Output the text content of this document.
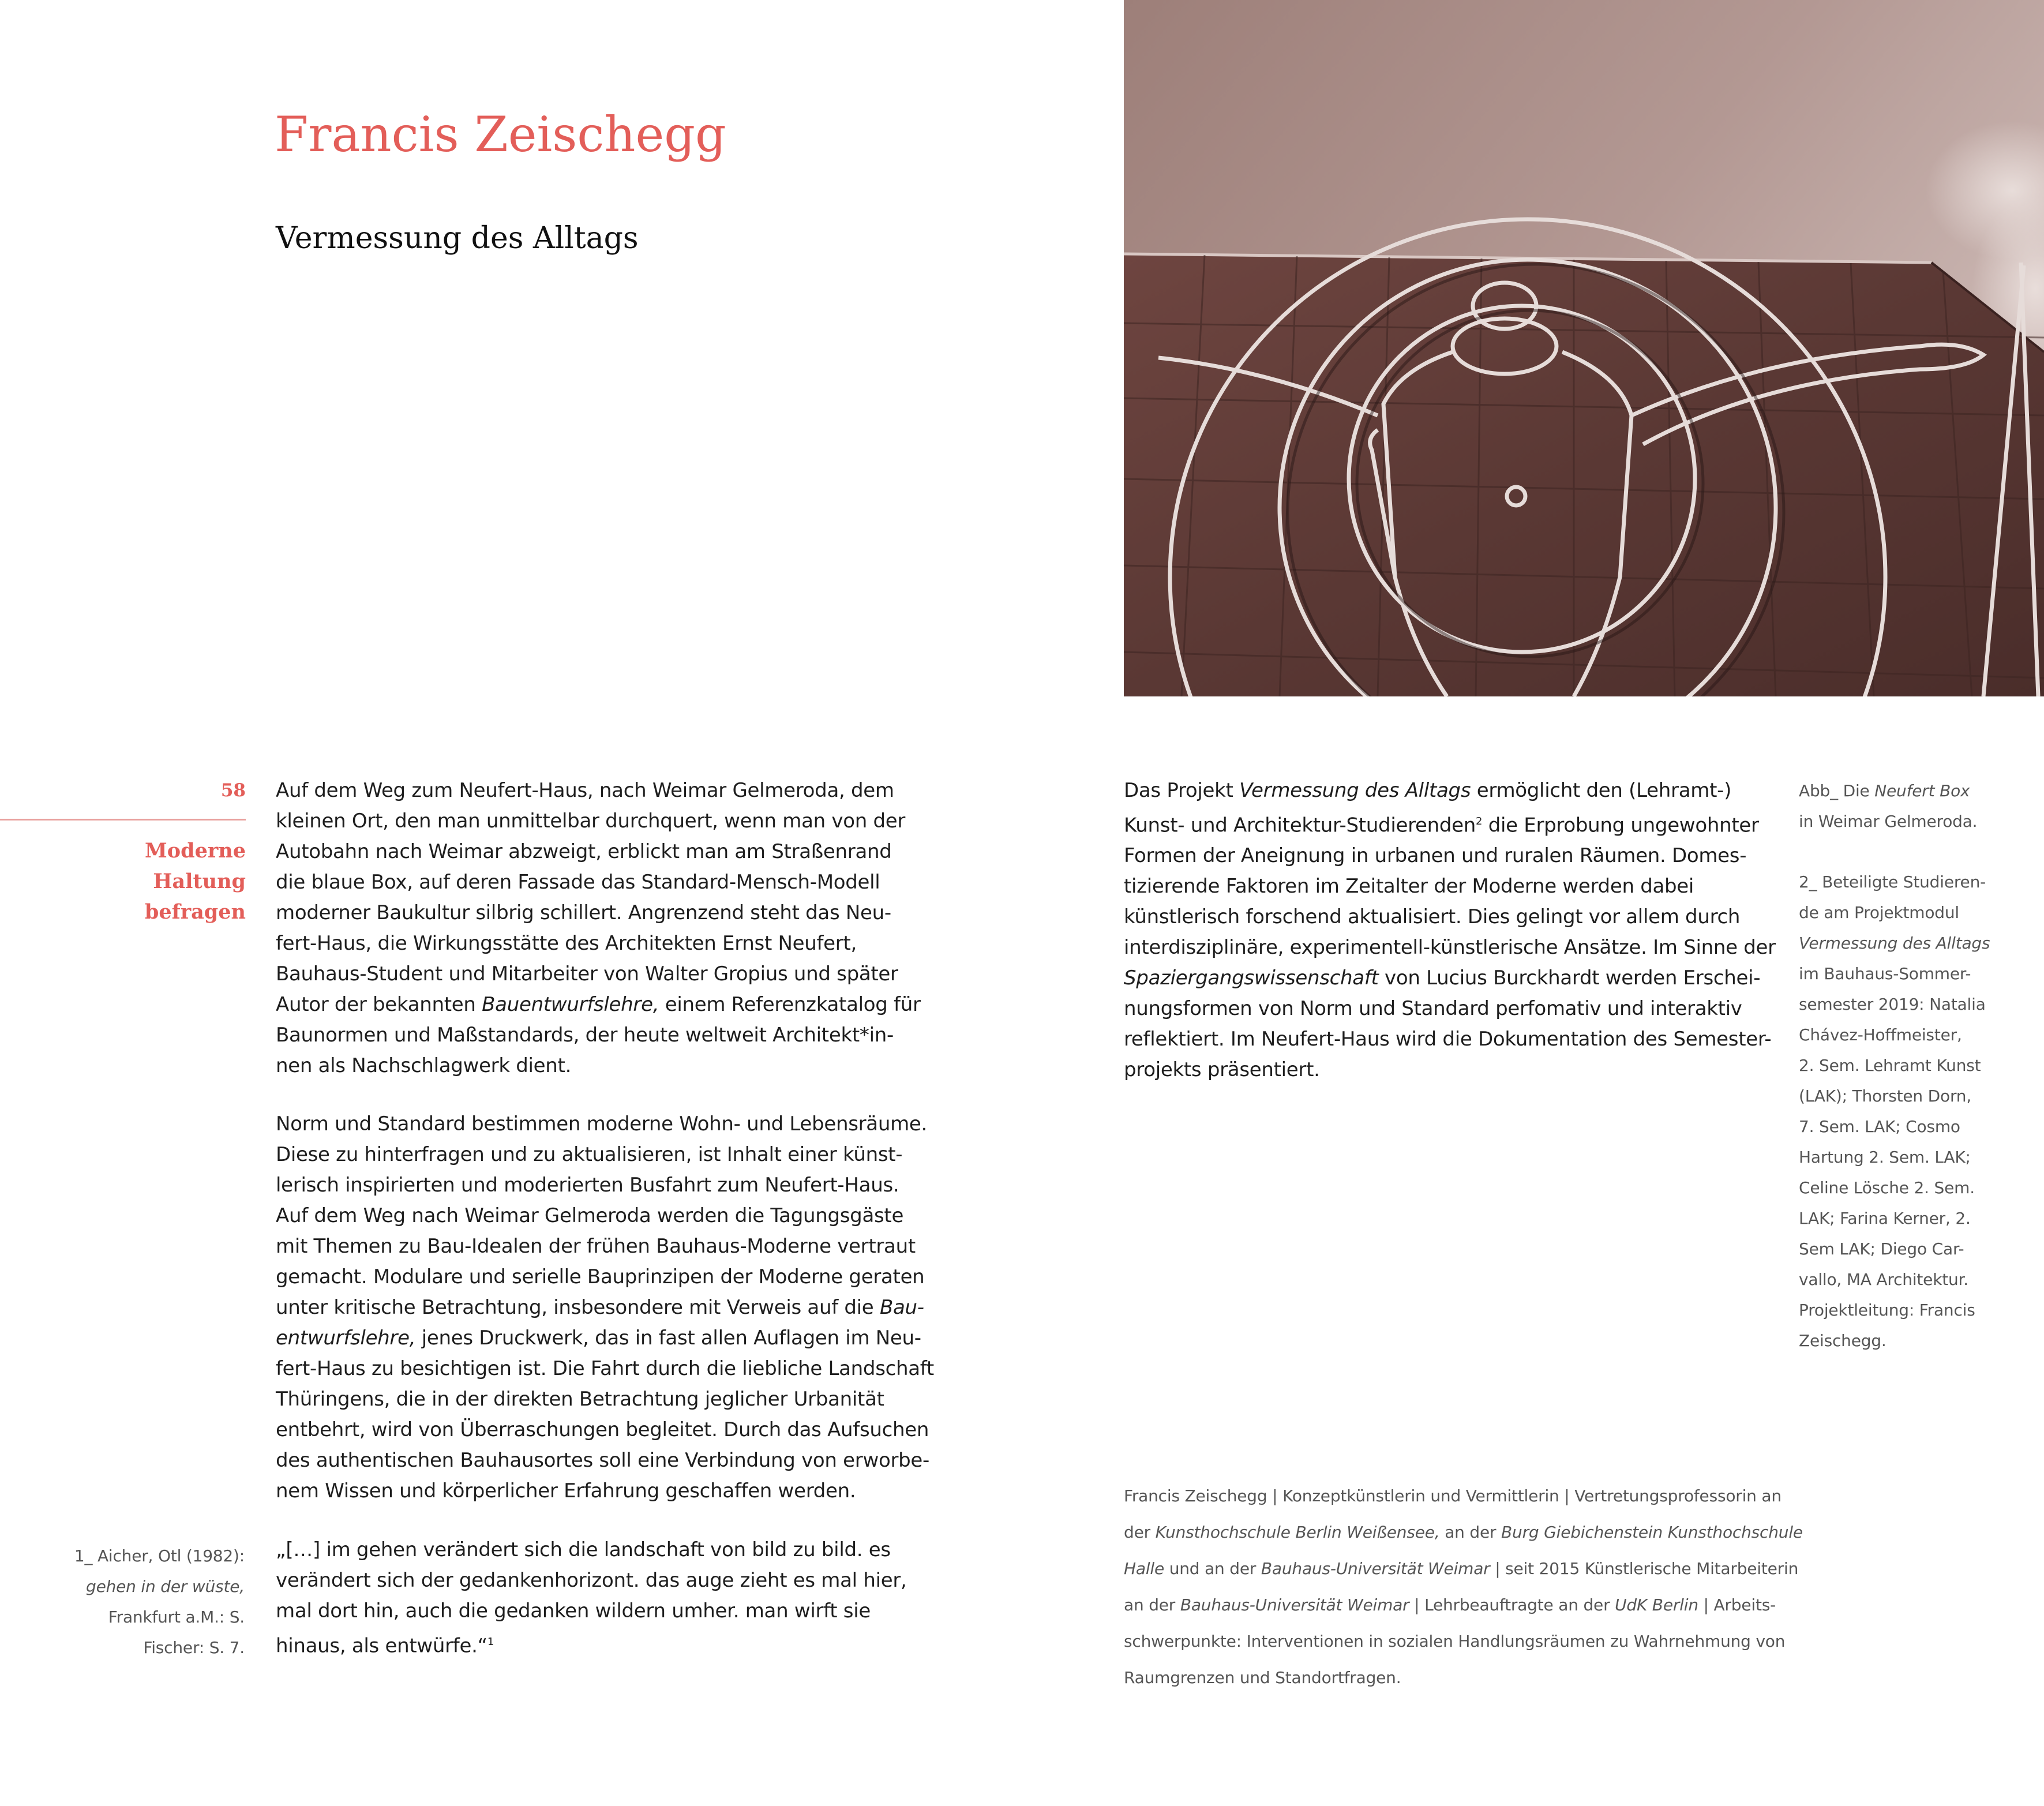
Francis Zeischegg
Vermessung des Alltags
58
Moderne
Haltung
befragen
Auf dem Weg zum Neufert-Haus, nach Weimar Gelmeroda, dem
kleinen Ort, den man unmittelbar durchquert, wenn man von der
Autobahn nach Weimar abzweigt, erblickt man am Straßenrand
die blaue Box, auf deren Fassade das Standard-Mensch-Modell
moderner Baukultur silbrig schillert. Angrenzend steht das Neu-
fert-Haus, die Wirkungsstätte des Architekten Ernst Neufert,
Bauhaus-Student und Mitarbeiter von Walter Gropius und später
Autor der bekannten Bauentwurfslehre, einem Referenzkatalog für
Baunormen und Maßstandards, der heute weltweit Architekt*in-
nen als Nachschlagwerk dient.
Norm und Standard bestimmen moderne Wohn- und Lebensräume.
Diese zu hinterfragen und zu aktualisieren, ist Inhalt einer künst-
lerisch inspirierten und moderierten Busfahrt zum Neufert-Haus.
Auf dem Weg nach Weimar Gelmeroda werden die Tagungsgäste
mit Themen zu Bau-Idealen der frühen Bauhaus-Moderne vertraut
gemacht. Modulare und serielle Bauprinzipen der Moderne geraten
unter kritische Betrachtung, insbesondere mit Verweis auf die Bau-
entwurfslehre, jenes Druckwerk, das in fast allen Auflagen im Neu-
fert-Haus zu besichtigen ist. Die Fahrt durch die liebliche Landschaft
Thüringens, die in der direkten Betrachtung jeglicher Urbanität
entbehrt, wird von Überraschungen begleitet. Durch das Aufsuchen
des authentischen Bauhausortes soll eine Verbindung von erworbe-
nem Wissen und körperlicher Erfahrung geschaffen werden.
„[…] im gehen verändert sich die landschaft von bild zu bild. es
verändert sich der gedankenhorizont. das auge zieht es mal hier,
mal dort hin, auch die gedanken wildern umher. man wirft sie
hinaus, als entwürfe.“$^1$
1_ Aicher, Otl (1982):
gehen in der wüste,
Frankfurt a.M.: S.
Fischer: S. 7.
Das Projekt Vermessung des Alltags ermöglicht den (Lehramt-)
Kunst- und Architektur-Studierenden$^2$ die Erprobung ungewohnter
Formen der Aneignung in urbanen und ruralen Räumen. Domes-
tizierende Faktoren im Zeitalter der Moderne werden dabei
künstlerisch forschend aktualisiert. Dies gelingt vor allem durch
interdisziplinäre, experimentell-künstlerische Ansätze. Im Sinne der
Spaziergangswissenschaft von Lucius Burckhardt werden Erschei-
nungsformen von Norm und Standard perfomativ und interaktiv
reflektiert. Im Neufert-Haus wird die Dokumentation des Semester-
projekts präsentiert.
Abb_ Die Neufert Box
in Weimar Gelmeroda.
2_ Beteiligte Studieren-
de am Projektmodul
Vermessung des Alltags
im Bauhaus-Sommer-
semester 2019: Natalia
Chávez-Hoffmeister,
2. Sem. Lehramt Kunst
(LAK); Thorsten Dorn,
7. Sem. LAK; Cosmo
Hartung 2. Sem. LAK;
Celine Lösche 2. Sem.
LAK; Farina Kerner, 2.
Sem LAK; Diego Car-
vallo, MA Architektur.
Projektleitung: Francis
Zeischegg.
Francis Zeischegg | Konzeptkünstlerin und Vermittlerin | Vertretungsprofessorin an
der Kunsthochschule Berlin Weißensee, an der Burg Giebichenstein Kunsthochschule
Halle und an der Bauhaus-Universität Weimar | seit 2015 Künstlerische Mitarbeiterin
an der Bauhaus-Universität Weimar | Lehrbeauftragte an der UdK Berlin | Arbeits-
schwerpunkte: Interventionen in sozialen Handlungsräumen zu Wahrnehmung von
Raumgrenzen und Standortfragen.
